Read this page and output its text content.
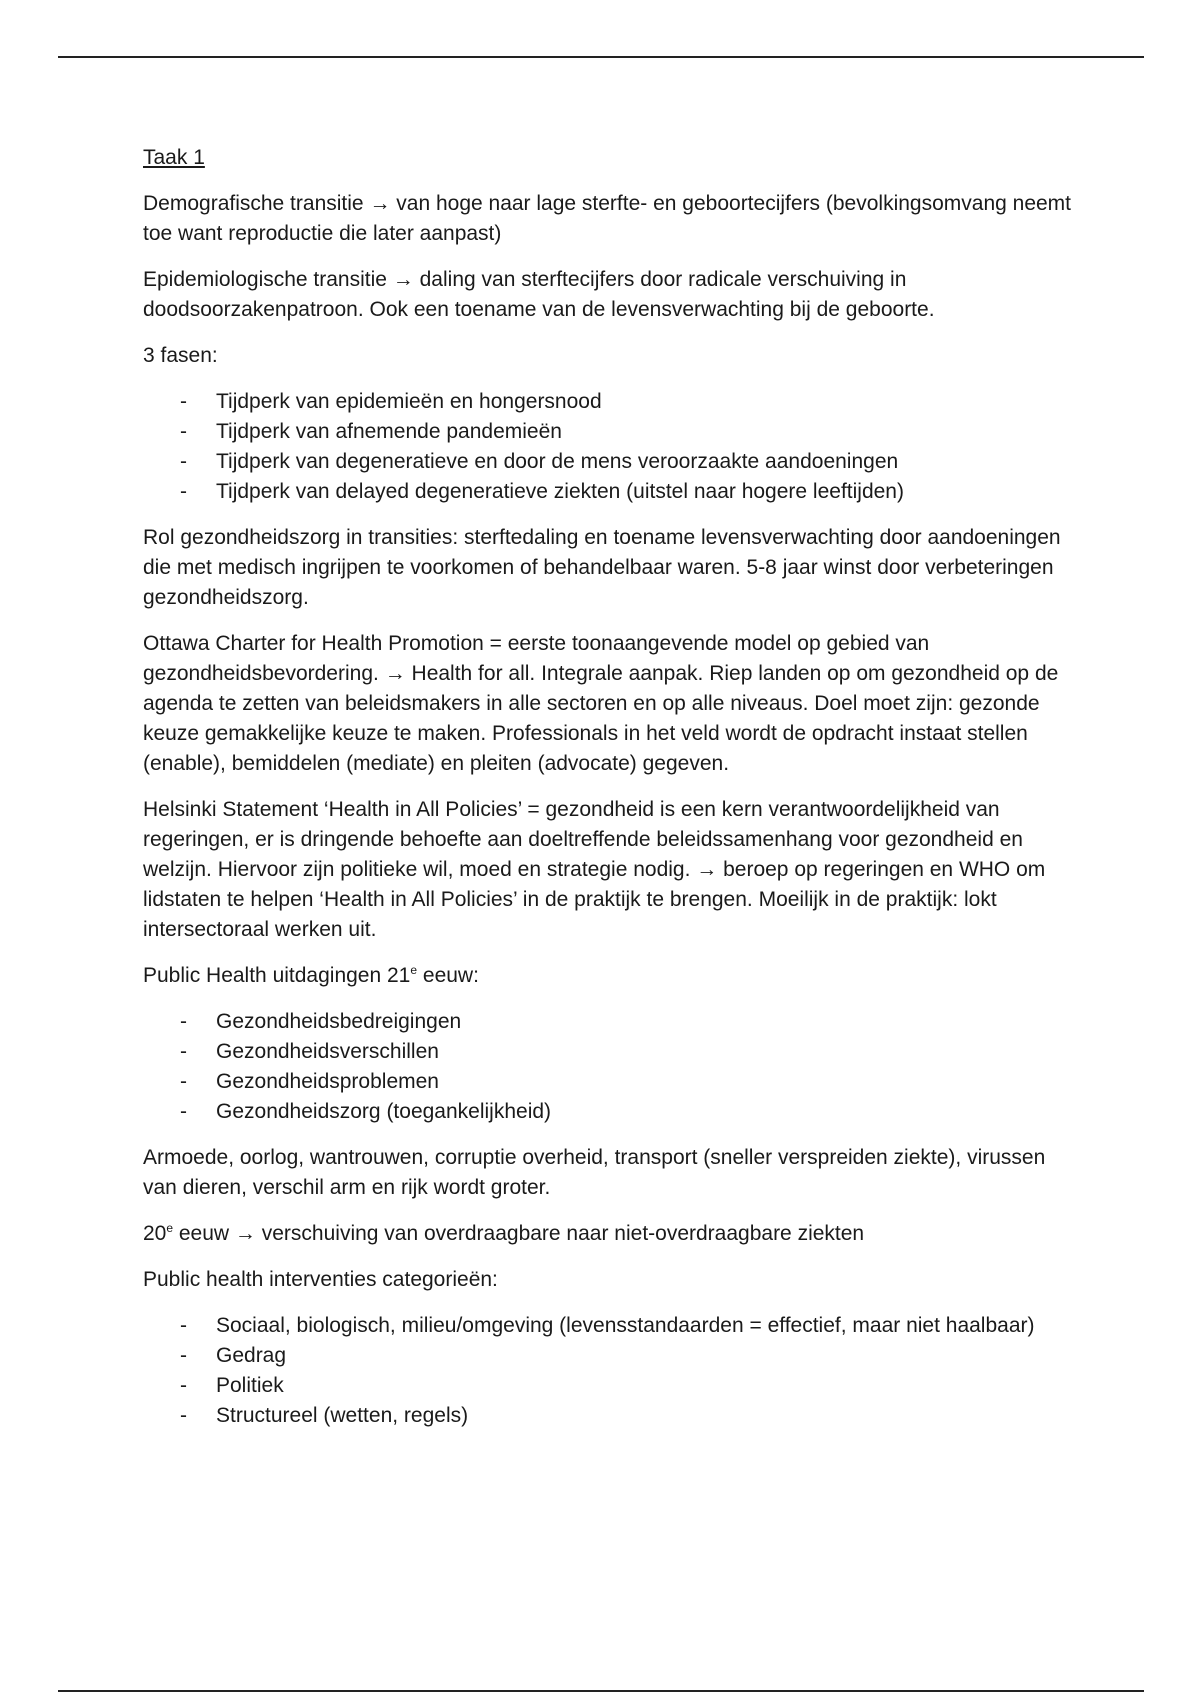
Taak 1

Demografische transitie → van hoge naar lage sterfte- en geboortecijfers (bevolkingsomvang neemt toe want reproductie die later aanpast)

Epidemiologische transitie → daling van sterftecijfers door radicale verschuiving in doodsoorzakenpatroon. Ook een toename van de levensverwachting bij de geboorte.

3 fasen:

- Tijdperk van epidemieën en hongersnood
- Tijdperk van afnemende pandemieën
- Tijdperk van degeneratieve en door de mens veroorzaakte aandoeningen
- Tijdperk van delayed degeneratieve ziekten (uitstel naar hogere leeftijden)

Rol gezondheidszorg in transities: sterftedaling en toename levensverwachting door aandoeningen die met medisch ingrijpen te voorkomen of behandelbaar waren. 5-8 jaar winst door verbeteringen gezondheidszorg.

Ottawa Charter for Health Promotion = eerste toonaangevende model op gebied van gezondheidsbevordering. → Health for all. Integrale aanpak. Riep landen op om gezondheid op de agenda te zetten van beleidsmakers in alle sectoren en op alle niveaus. Doel moet zijn: gezonde keuze gemakkelijke keuze te maken. Professionals in het veld wordt de opdracht instaat stellen (enable), bemiddelen (mediate) en pleiten (advocate) gegeven.

Helsinki Statement ‘Health in All Policies’ = gezondheid is een kern verantwoordelijkheid van regeringen, er is dringende behoefte aan doeltreffende beleidssamenhang voor gezondheid en welzijn. Hiervoor zijn politieke wil, moed en strategie nodig. → beroep op regeringen en WHO om lidstaten te helpen ‘Health in All Policies’ in de praktijk te brengen. Moeilijk in de praktijk: lokt intersectoraal werken uit.

Public Health uitdagingen 21e eeuw:

- Gezondheidsbedreigingen
- Gezondheidsverschillen
- Gezondheidsproblemen
- Gezondheidszorg (toegankelijkheid)

Armoede, oorlog, wantrouwen, corruptie overheid, transport (sneller verspreiden ziekte), virussen van dieren, verschil arm en rijk wordt groter.

20e eeuw → verschuiving van overdraagbare naar niet-overdraagbare ziekten

Public health interventies categorieën:

- Sociaal, biologisch, milieu/omgeving (levensstandaarden = effectief, maar niet haalbaar)
- Gedrag
- Politiek
- Structureel (wetten, regels)
